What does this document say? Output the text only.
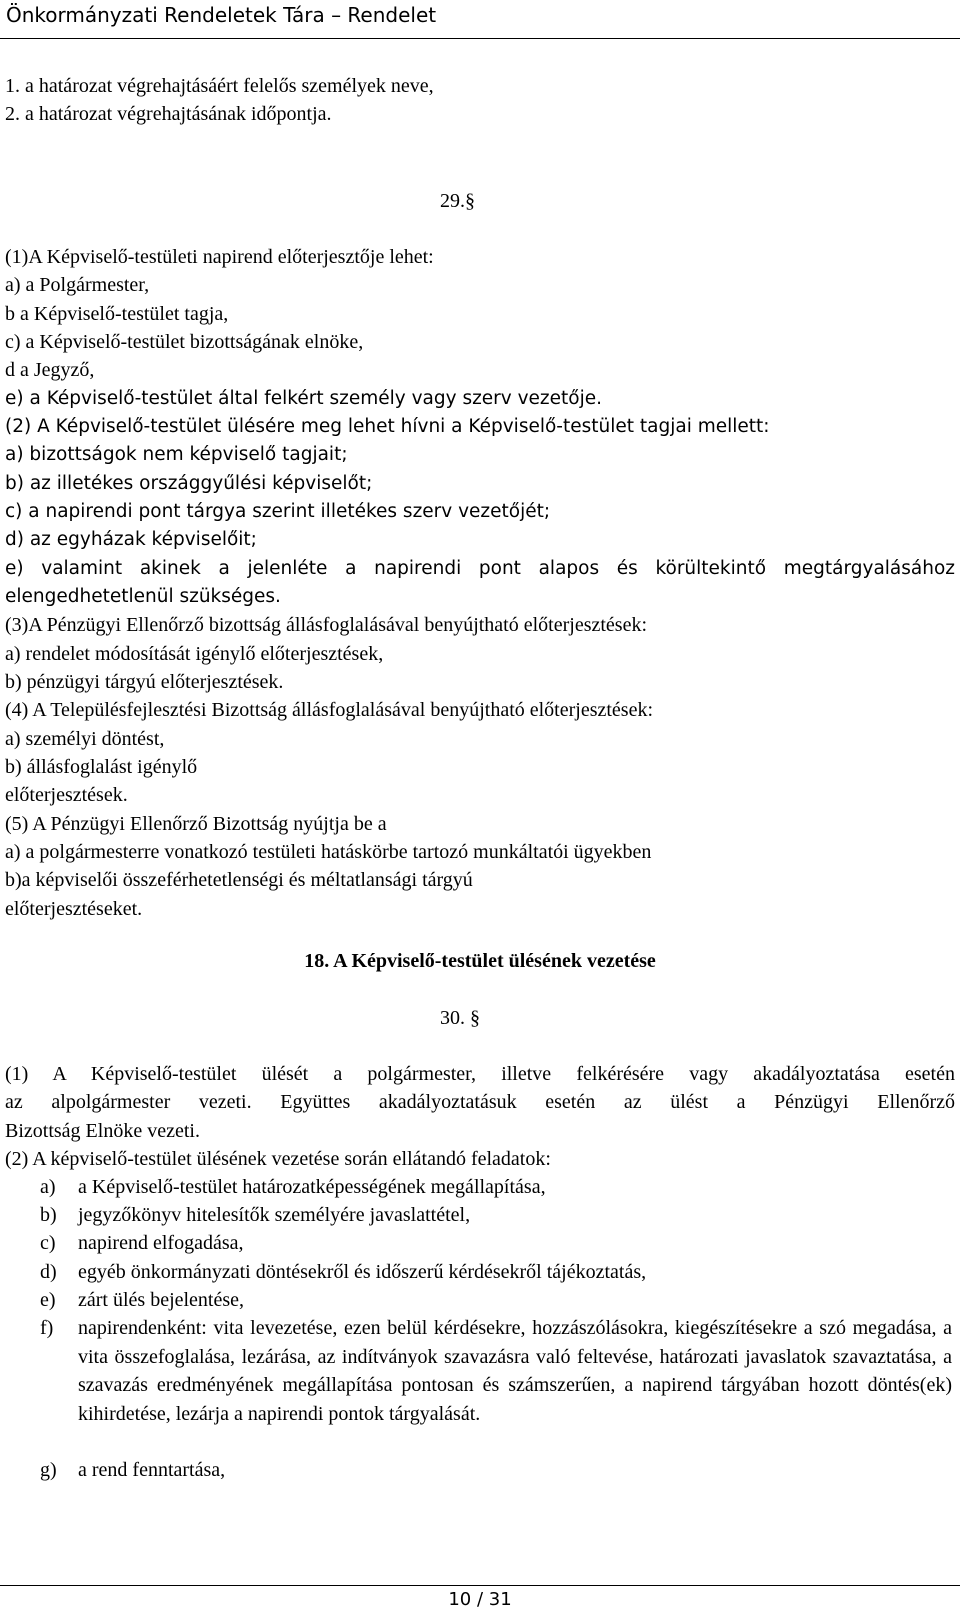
Önkormányzati Rendeletek Tára – Rendelet
1. a határozat végrehajtásáért felelős személyek neve,
2. a határozat végrehajtásának időpontja.
29.§
(1)A Képviselő-testületi napirend előterjesztője lehet:
a) a Polgármester,
b a Képviselő-testület tagja,
c) a Képviselő-testület bizottságának elnöke,
d a Jegyző,
e) a Képviselő-testület által felkért személy vagy szerv vezetője.
(2) A Képviselő-testület ülésére meg lehet hívni a Képviselő-testület tagjai mellett:
a) bizottságok nem képviselő tagjait;
b) az illetékes országgyűlési képviselőt;
c) a napirendi pont tárgya szerint illetékes szerv vezetőjét;
d) az egyházak képviselőit;
e) valamint akinek a jelenléte a napirendi pont alapos és körültekintő megtárgyalásához
elengedhetetlenül szükséges.
(3)A Pénzügyi Ellenőrző bizottság állásfoglalásával benyújtható előterjesztések:
a) rendelet módosítását igénylő előterjesztések,
b) pénzügyi tárgyú előterjesztések.
(4) A Településfejlesztési Bizottság állásfoglalásával benyújtható előterjesztések:
a) személyi döntést,
b) állásfoglalást igénylő
előterjesztések.
(5) A Pénzügyi Ellenőrző Bizottság nyújtja be a
a) a polgármesterre vonatkozó testületi hatáskörbe tartozó munkáltatói ügyekben
b)a képviselői összeférhetetlenségi és méltatlansági tárgyú
előterjesztéseket.
18. A Képviselő-testület ülésének vezetése
30. §
(1) A Képviselő-testület ülését a polgármester, illetve felkérésére vagy akadályoztatása esetén
az alpolgármester vezeti. Együttes akadályoztatásuk esetén az ülést a Pénzügyi Ellenőrző
Bizottság Elnöke vezeti.
(2) A képviselő-testület ülésének vezetése során ellátandó feladatok:
a) a Képviselő-testület határozatképességének megállapítása,
b) jegyzőkönyv hitelesítők személyére javaslattétel,
c) napirend elfogadása,
d) egyéb önkormányzati döntésekről és időszerű kérdésekről tájékoztatás,
e) zárt ülés bejelentése,
f) napirendenként: vita levezetése, ezen belül kérdésekre, hozzászólásokra, kiegészítésekre a szó megadása, a vita összefoglalása, lezárása, az indítványok szavazásra való feltevése, határozati javaslatok szavaztatása, a szavazás eredményének megállapítása pontosan és számszerűen, a napirend tárgyában hozott döntés(ek) kihirdetése, lezárja a napirendi pontok tárgyalását.
g) a rend fenntartása,
10 / 31
